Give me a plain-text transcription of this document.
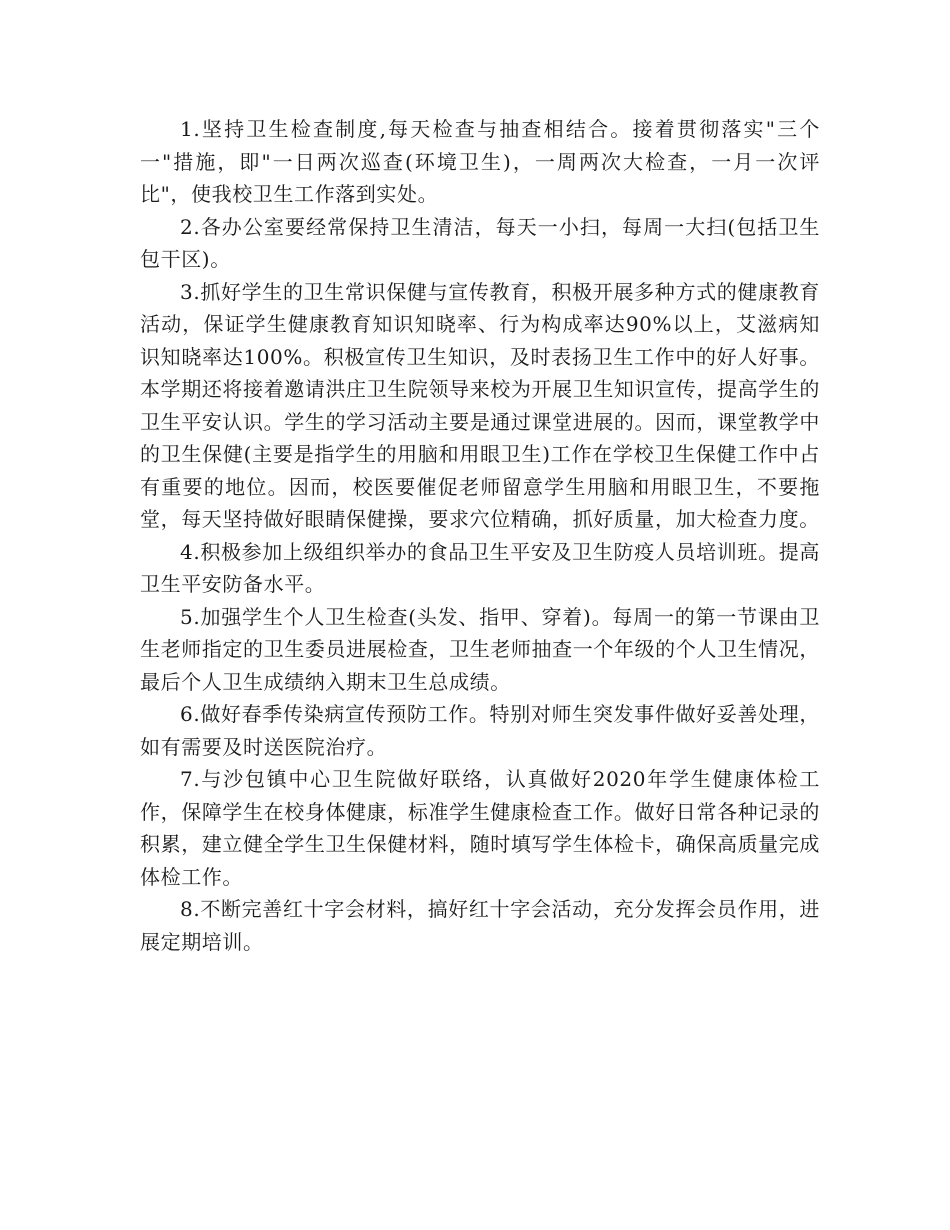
1.坚持卫生检查制度,每天检查与抽查相结合。接着贯彻落实"三个一"措施，即"一日两次巡查(环境卫生)，一周两次大检查，一月一次评比"，使我校卫生工作落到实处。

2.各办公室要经常保持卫生清洁，每天一小扫，每周一大扫(包括卫生包干区)。

3.抓好学生的卫生常识保健与宣传教育，积极开展多种方式的健康教育活动，保证学生健康教育知识知晓率、行为构成率达90%以上，艾滋病知识知晓率达100%。积极宣传卫生知识，及时表扬卫生工作中的好人好事。本学期还将接着邀请洪庄卫生院领导来校为开展卫生知识宣传，提高学生的卫生平安认识。学生的学习活动主要是通过课堂进展的。因而，课堂教学中的卫生保健(主要是指学生的用脑和用眼卫生)工作在学校卫生保健工作中占有重要的地位。因而，校医要催促老师留意学生用脑和用眼卫生，不要拖堂，每天坚持做好眼睛保健操，要求穴位精确，抓好质量，加大检查力度。

4.积极参加上级组织举办的食品卫生平安及卫生防疫人员培训班。提高卫生平安防备水平。

5.加强学生个人卫生检查(头发、指甲、穿着)。每周一的第一节课由卫生老师指定的卫生委员进展检查，卫生老师抽查一个年级的个人卫生情况，最后个人卫生成绩纳入期末卫生总成绩。

6.做好春季传染病宣传预防工作。特别对师生突发事件做好妥善处理，如有需要及时送医院治疗。

7.与沙包镇中心卫生院做好联络，认真做好2020年学生健康体检工作，保障学生在校身体健康，标准学生健康检查工作。做好日常各种记录的积累，建立健全学生卫生保健材料，随时填写学生体检卡，确保高质量完成体检工作。

8.不断完善红十字会材料，搞好红十字会活动，充分发挥会员作用，进展定期培训。
